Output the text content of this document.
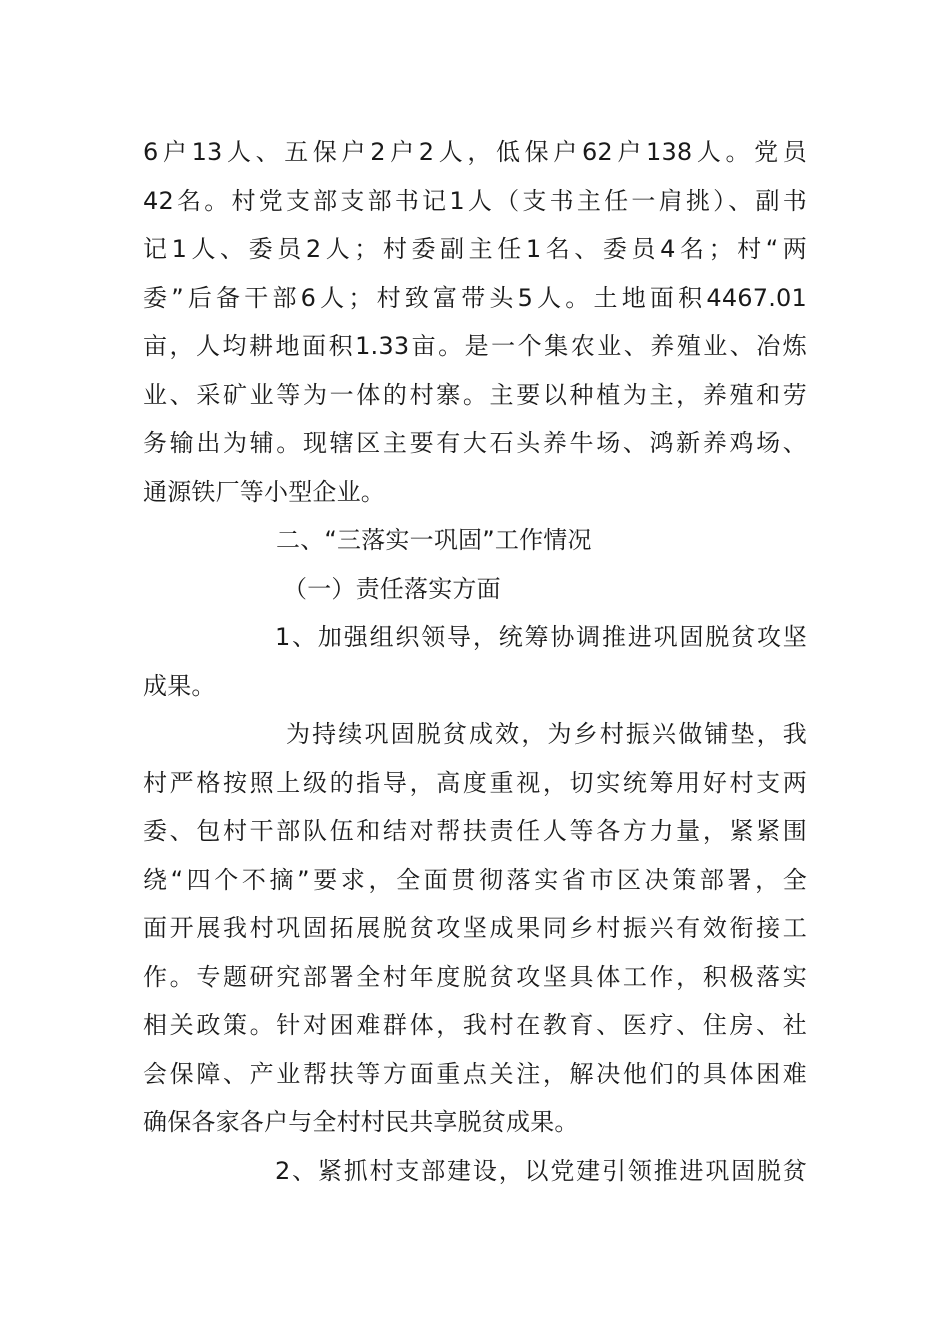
6户13人、五保户2户2人，低保户62户138人。党员
42名。村党支部支部书记1人（支书主任一肩挑）、副书
记1人、委员2人；村委副主任1名、委员4名；村“两
委”后备干部6人；村致富带头5人。土地面积4467.01
亩，人均耕地面积1.33亩。是一个集农业、养殖业、冶炼
业、采矿业等为一体的村寨。主要以种植为主，养殖和劳
务输出为辅。现辖区主要有大石头养牛场、鸿新养鸡场、
通源铁厂等小型企业。
二、“三落实一巩固”工作情况
（一）责任落实方面
1、加强组织领导，统筹协调推进巩固脱贫攻坚
成果。
为持续巩固脱贫成效，为乡村振兴做铺垫，我
村严格按照上级的指导，高度重视，切实统筹用好村支两
委、包村干部队伍和结对帮扶责任人等各方力量，紧紧围
绕“四个不摘”要求，全面贯彻落实省市区决策部署，全
面开展我村巩固拓展脱贫攻坚成果同乡村振兴有效衔接工
作。专题研究部署全村年度脱贫攻坚具体工作，积极落实
相关政策。针对困难群体，我村在教育、医疗、住房、社
会保障、产业帮扶等方面重点关注，解决他们的具体困难
确保各家各户与全村村民共享脱贫成果。
2、紧抓村支部建设，以党建引领推进巩固脱贫
